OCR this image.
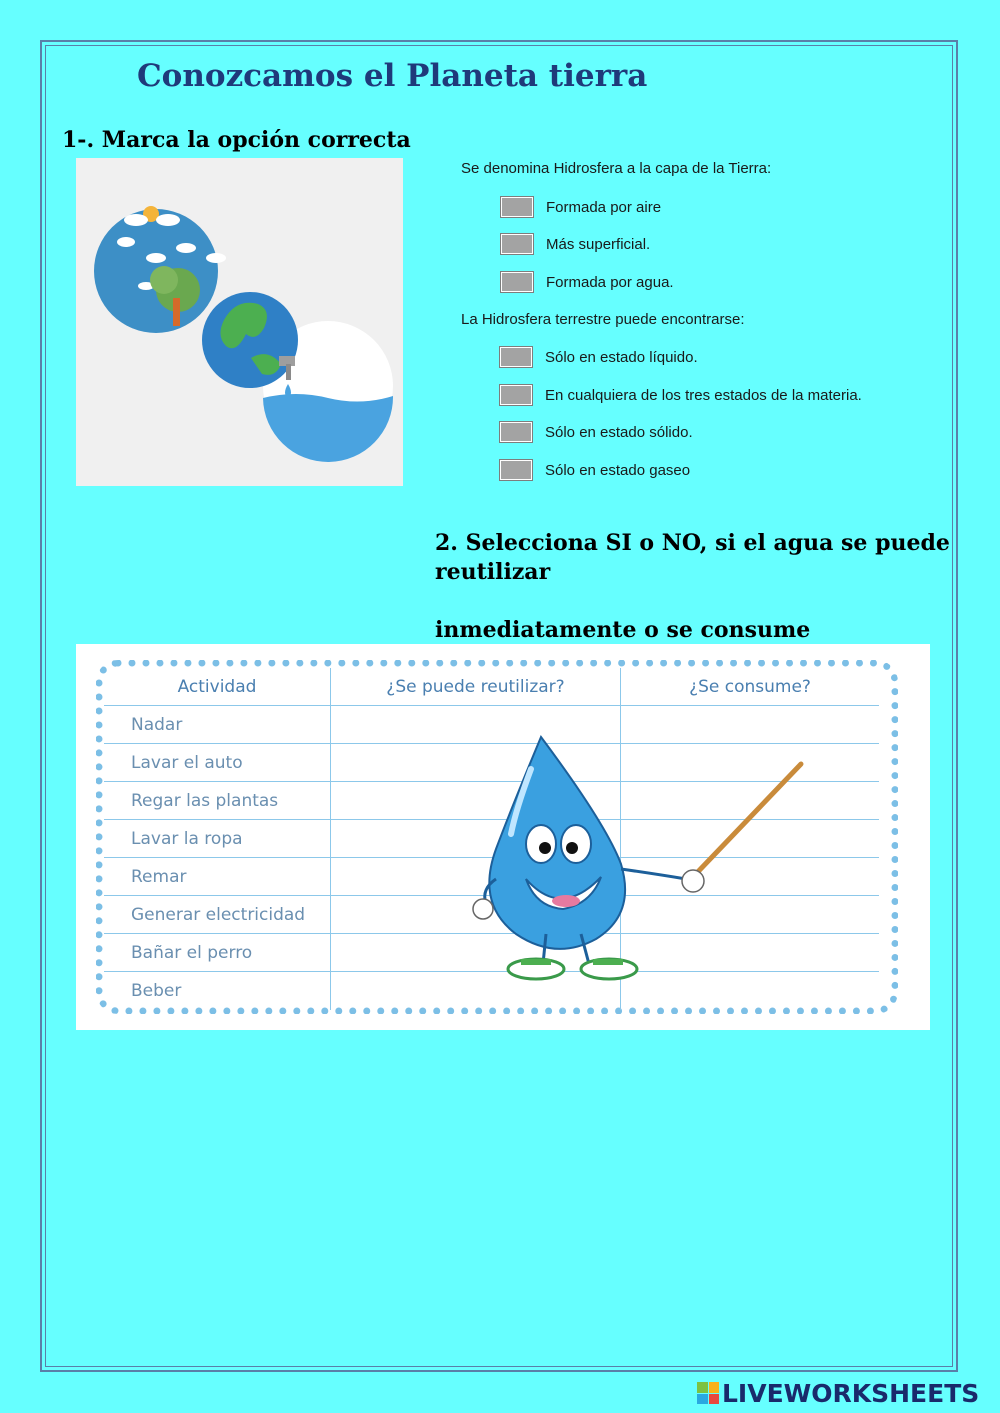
Conozcamos el Planeta tierra
1-. Marca la opción correcta
Se denomina Hidrosfera a la capa de la Tierra:
Formada por aire
Más superficial.
Formada por agua.
La Hidrosfera terrestre puede encontrarse:
Sólo en estado líquido.
En cualquiera de los tres estados de la materia.
Sólo en estado sólido.
Sólo en estado gaseo
2. Selecciona SI o NO, si el agua se puede
reutilizar
inmediatamente o se consume
Actividad	¿Se puede reutilizar?	¿Se consume?
Nadar
Lavar el auto
Regar las plantas
Lavar la ropa
Remar
Generar electricidad
Bañar el perro
Beber
LIVEWORKSHEETS
